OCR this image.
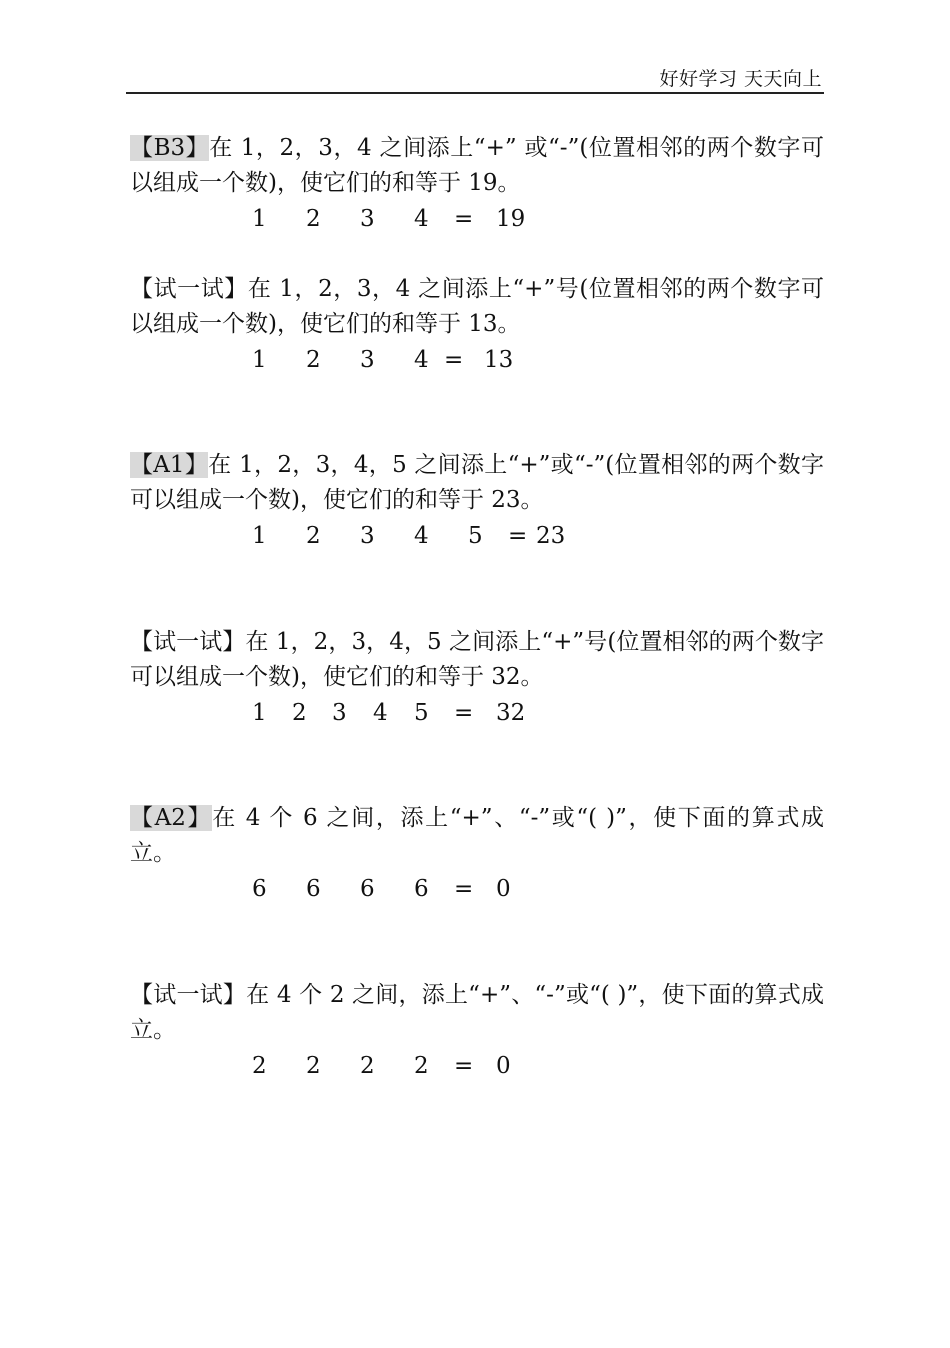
好好学习 天天向上

【B3】在 1，2，3，4 之间添上“+” 或“-”(位置相邻的两个数字可以组成一个数)，使它们的和等于 19。

1 2 3 4 = 19

【试一试】在 1，2，3，4 之间添上“+”号(位置相邻的两个数字可以组成一个数)，使它们的和等于 13。

1 2 3 4 = 13

【A1】在 1，2，3，4，5 之间添上“+”或“-”(位置相邻的两个数字可以组成一个数)，使它们的和等于 23。

1 2 3 4 5 = 23

【试一试】在 1，2，3，4，5 之间添上“+”号(位置相邻的两个数字可以组成一个数)，使它们的和等于 32。

1 2 3 4 5 = 32

【A2】在 4 个 6 之间，添上“+”、“-”或“( )”，使下面的算式成立。

6 6 6 6 = 0

【试一试】在 4 个 2 之间，添上“+”、“-”或“( )”，使下面的算式成立。

2 2 2 2 = 0
